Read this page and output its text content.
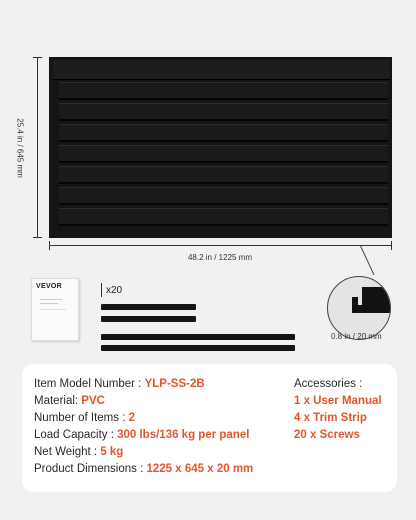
25.4 in / 645 mm
48.2 in / 1225 mm
VEVOR	x20
0.8 in / 20 mm
Item Model Number : YLP-SS-2B
Material: PVC
Number of Items : 2
Load Capacity : 300 lbs/136 kg per panel
Net Weight : 5 kg
Product Dimensions : 1225 x 645 x 20 mm
Accessories :
1 x User Manual
4 x Trim Strip
20 x Screws
